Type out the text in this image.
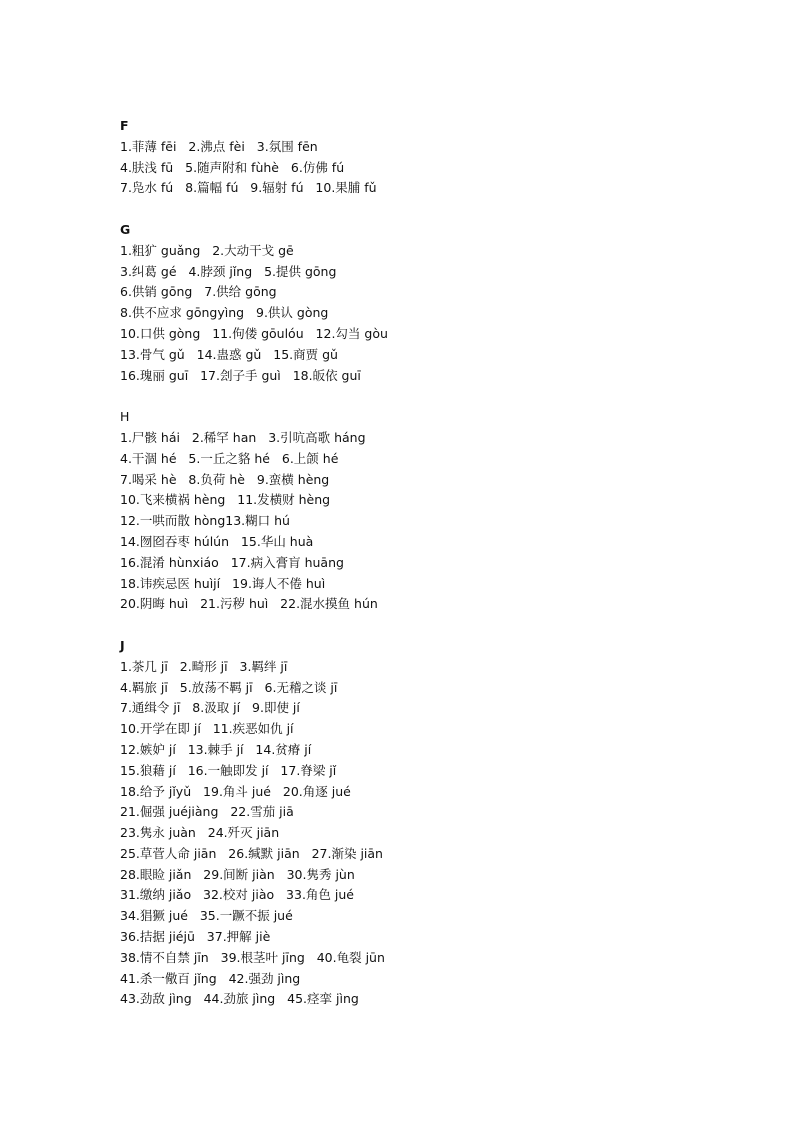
F
1.菲薄 fēi   2.沸点 fèi   3.氛围 fēn
4.肤浅 fū   5.随声附和 fùhè   6.仿佛 fú
7.凫水 fú   8.篇幅 fú   9.辐射 fú   10.果脯 fǔ
G
1.粗犷 guǎng   2.大动干戈 gē
3.纠葛 gé   4.脖颈 jǐng   5.提供 gōng
6.供销 gōng   7.供给 gōng
8.供不应求 gōngyìng   9.供认 gòng
10.口供 gòng   11.佝偻 gōulóu   12.勾当 gòu
13.骨气 gǔ   14.蛊惑 gǔ   15.商贾 gǔ
16.瑰丽 guī   17.刽子手 guì   18.皈依 guī
H
1.尸骸 hái   2.稀罕 han   3.引吭高歌 háng
4.干涸 hé   5.一丘之貉 hé   6.上颌 hé
7.喝采 hè   8.负荷 hè   9.蛮横 hèng
10.飞来横祸 hèng   11.发横财 hèng
12.一哄而散 hòng13.糊口 hú
14.囫囵吞枣 húlún   15.华山 huà
16.混淆 hùnxiáo   17.病入膏肓 huāng
18.讳疾忌医 huìjí   19.诲人不倦 huì
20.阴晦 huì   21.污秽 huì   22.混水摸鱼 hún
J
1.茶几 jī   2.畸形 jī   3.羁绊 jī
4.羁旅 jī   5.放荡不羁 jī   6.无稽之谈 jī
7.通缉令 jī   8.汲取 jí   9.即使 jí
10.开学在即 jí   11.疾恶如仇 jí
12.嫉妒 jí   13.棘手 jí   14.贫瘠 jí
15.狼藉 jí   16.一触即发 jí   17.脊梁 jǐ
18.给予 jǐyǔ   19.角斗 jué   20.角逐 jué
21.倔强 juéjiàng   22.雪茄 jiā
23.隽永 juàn   24.歼灭 jiān
25.草菅人命 jiān   26.缄默 jiān   27.渐染 jiān
28.眼睑 jiǎn   29.间断 jiàn   30.隽秀 jùn
31.缴纳 jiǎo   32.校对 jiào   33.角色 jué
34.猖獗 jué   35.一蹶不振 jué
36.拮据 jiéjū   37.押解 jiè
38.情不自禁 jīn   39.根茎叶 jīng   40.龟裂 jūn
41.杀一儆百 jǐng   42.强劲 jìng
43.劲敌 jìng   44.劲旅 jìng   45.痉挛 jìng
